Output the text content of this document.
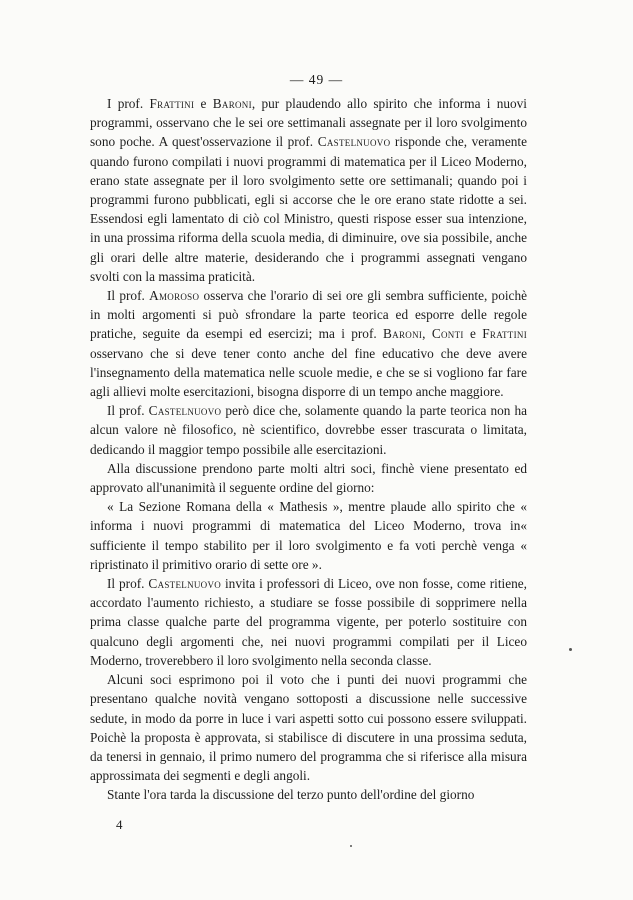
— 49 —

I prof. Frattini e Baroni, pur plaudendo allo spirito che informa i nuovi programmi, osservano che le sei ore settimanali assegnate per il loro svolgimento sono poche. A quest'osservazione il prof. Castelnuovo risponde che, veramente quando furono compilati i nuovi programmi di matematica per il Liceo Moderno, erano state assegnate per il loro svolgimento sette ore settimanali; quando poi i programmi furono pubblicati, egli si accorse che le ore erano state ridotte a sei. Essendosi egli lamentato di ciò col Ministro, questi rispose esser sua intenzione, in una prossima riforma della scuola media, di diminuire, ove sia possibile, anche gli orari delle altre materie, desiderando che i programmi assegnati vengano svolti con la massima praticità.

Il prof. Amoroso osserva che l'orario di sei ore gli sembra sufficiente, poichè in molti argomenti si può sfrondare la parte teorica ed esporre delle regole pratiche, seguite da esempi ed esercizi; ma i prof. Baroni, Conti e Frattini osservano che si deve tener conto anche del fine educativo che deve avere l'insegnamento della matematica nelle scuole medie, e che se si vogliono far fare agli allievi molte esercitazioni, bisogna disporre di un tempo anche maggiore.

Il prof. Castelnuovo però dice che, solamente quando la parte teorica non ha alcun valore nè filosofico, nè scientifico, dovrebbe esser trascurata o limitata, dedicando il maggior tempo possibile alle esercitazioni.

Alla discussione prendono parte molti altri soci, finchè viene presentato ed approvato all'unanimità il seguente ordine del giorno:

« La Sezione Romana della « Mathesis », mentre plaude allo spirito che « informa i nuovi programmi di matematica del Liceo Moderno, trova in« sufficiente il tempo stabilito per il loro svolgimento e fa voti perchè venga « ripristinato il primitivo orario di sette ore ».

Il prof. Castelnuovo invita i professori di Liceo, ove non fosse, come ritiene, accordato l'aumento richiesto, a studiare se fosse possibile di sopprimere nella prima classe qualche parte del programma vigente, per poterlo sostituire con qualcuno degli argomenti che, nei nuovi programmi compilati per il Liceo Moderno, troverebbero il loro svolgimento nella seconda classe.

Alcuni soci esprimono poi il voto che i punti dei nuovi programmi che presentano qualche novità vengano sottoposti a discussione nelle successive sedute, in modo da porre in luce i vari aspetti sotto cui possono essere sviluppati. Poichè la proposta è approvata, si stabilisce di discutere in una prossima seduta, da tenersi in gennaio, il primo numero del programma che si riferisce alla misura approssimata dei segmenti e degli angoli.

Stante l'ora tarda la discussione del terzo punto dell'ordine del giorno

4
